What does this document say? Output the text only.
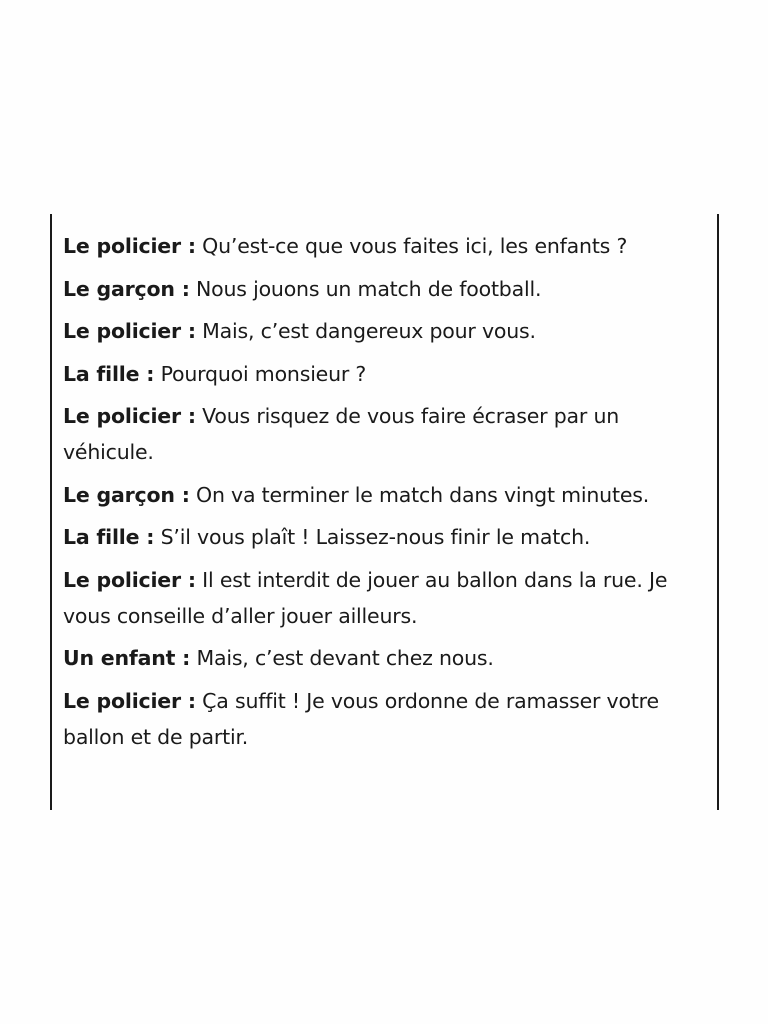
Le policier : Qu’est-ce que vous faites ici, les enfants ?

Le garçon : Nous jouons un match de football.

Le policier : Mais, c’est dangereux pour vous.

La fille : Pourquoi monsieur ?

Le policier : Vous risquez de vous faire écraser par un véhicule.

Le garçon : On va terminer le match dans vingt minutes.

La fille : S’il vous plaît ! Laissez-nous finir le match.

Le policier : Il est interdit de jouer au ballon dans la rue. Je vous conseille d’aller jouer ailleurs.

Un enfant : Mais, c’est devant chez nous.

Le policier : Ça suffit ! Je vous ordonne de ramasser votre ballon et de partir.
